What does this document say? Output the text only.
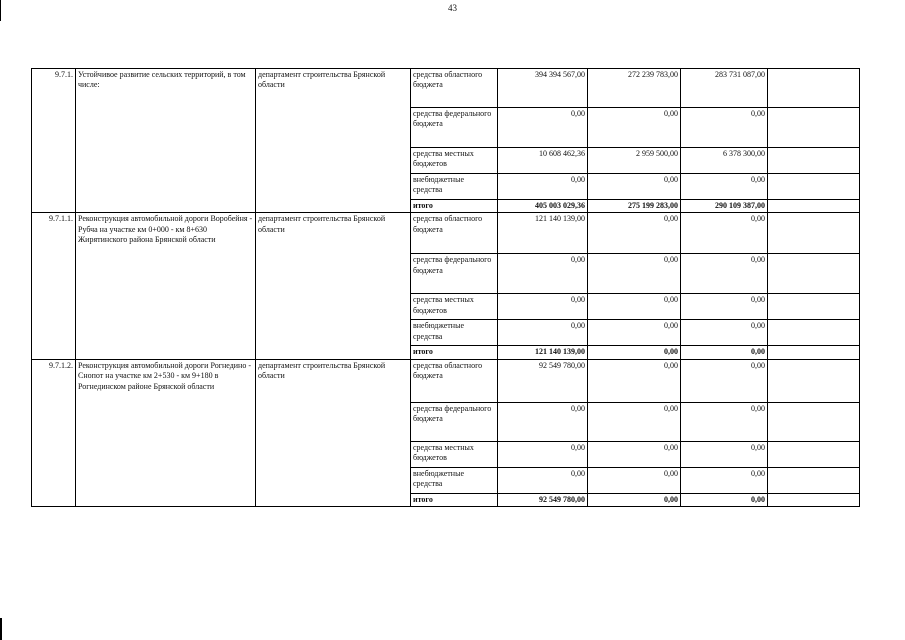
43
9.7.1.	Устойчивое развитие сельских территорий, в том числе:	департамент строительства Брянской области	средства областного бюджета	394 394 567,00	272 239 783,00	283 731 087,00	
			средства федерального бюджета	0,00	0,00	0,00	
			средства местных бюджетов	10 608 462,36	2 959 500,00	6 378 300,00	
			внебюджетные средства	0,00	0,00	0,00	
			итого	405 003 029,36	275 199 283,00	290 109 387,00	
9.7.1.1.	Реконструкция автомобильной дороги Воробейня - Рубча на участке км 0+000 - км 8+630 Жирятинского района Брянской области	департамент строительства Брянской области	средства областного бюджета	121 140 139,00	0,00	0,00	
			средства федерального бюджета	0,00	0,00	0,00	
			средства местных бюджетов	0,00	0,00	0,00	
			внебюджетные средства	0,00	0,00	0,00	
			итого	121 140 139,00	0,00	0,00	
9.7.1.2.	Реконструкция автомобильной дороги Рогнедино - Снопот на участке км 2+530 - км 9+180 в Рогнединском районе Брянской области	департамент строительства Брянской области	средства областного бюджета	92 549 780,00	0,00	0,00	
			средства федерального бюджета	0,00	0,00	0,00	
			средства местных бюджетов	0,00	0,00	0,00	
			внебюджетные средства	0,00	0,00	0,00	
			итого	92 549 780,00	0,00	0,00	
